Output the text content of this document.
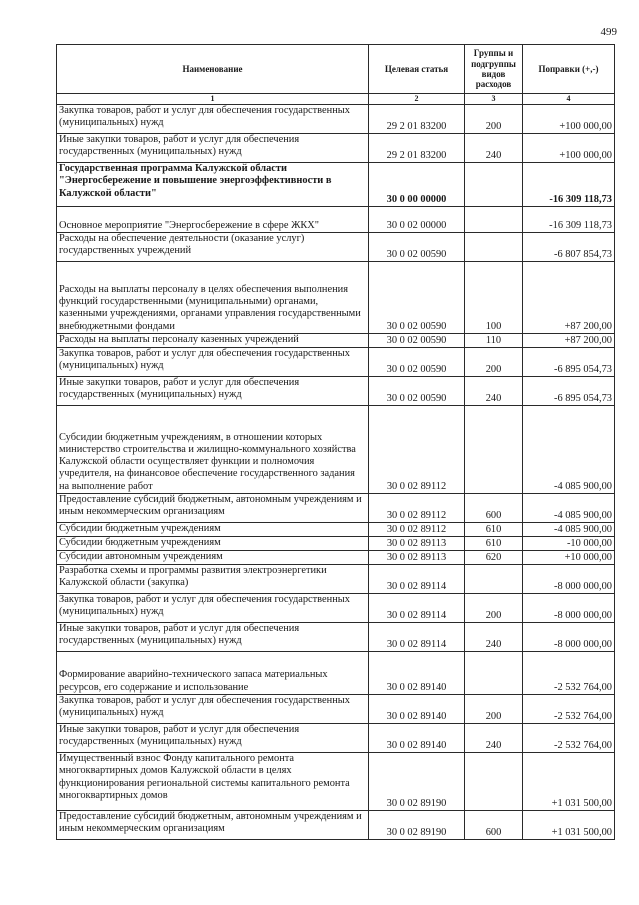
499
Наименование	Целевая статья	Группы и подгруппы видов расходов	Поправки (+,-)
1	2	3	4
Закупка товаров, работ и услуг для обеспечения государственных (муниципальных) нужд	29 2 01 83200	200	+100 000,00
Иные закупки товаров, работ и услуг для обеспечения государственных (муниципальных) нужд	29 2 01 83200	240	+100 000,00
Государственная программа Калужской области "Энергосбережение и повышение энергоэффективности в Калужской области"	30 0 00 00000		-16 309 118,73
Основное мероприятие "Энергосбережение в сфере ЖКХ"	30 0 02 00000		-16 309 118,73
Расходы на обеспечение деятельности (оказание услуг) государственных учреждений	30 0 02 00590		-6 807 854,73
Расходы на выплаты персоналу в целях обеспечения выполнения функций государственными (муниципальными) органами, казенными учреждениями, органами управления государственными внебюджетными фондами	30 0 02 00590	100	+87 200,00
Расходы на выплаты персоналу казенных учреждений	30 0 02 00590	110	+87 200,00
Закупка товаров, работ и услуг для обеспечения государственных (муниципальных) нужд	30 0 02 00590	200	-6 895 054,73
Иные закупки товаров, работ и услуг для обеспечения государственных (муниципальных) нужд	30 0 02 00590	240	-6 895 054,73
Субсидии бюджетным учреждениям, в отношении которых министерство строительства и жилищно-коммунального хозяйства Калужской области осуществляет функции и полномочия учредителя, на финансовое обеспечение государственного задания на выполнение работ	30 0 02 89112		-4 085 900,00
Предоставление субсидий бюджетным, автономным учреждениям и иным некоммерческим организациям	30 0 02 89112	600	-4 085 900,00
Субсидии бюджетным учреждениям	30 0 02 89112	610	-4 085 900,00
Субсидии бюджетным учреждениям	30 0 02 89113	610	-10 000,00
Субсидии автономным учреждениям	30 0 02 89113	620	+10 000,00
Разработка схемы и программы развития электроэнергетики Калужской области (закупка)	30 0 02 89114		-8 000 000,00
Закупка товаров, работ и услуг для обеспечения государственных (муниципальных) нужд	30 0 02 89114	200	-8 000 000,00
Иные закупки товаров, работ и услуг для обеспечения государственных (муниципальных) нужд	30 0 02 89114	240	-8 000 000,00
Формирование аварийно-технического запаса материальных ресурсов, его содержание и использование	30 0 02 89140		-2 532 764,00
Закупка товаров, работ и услуг для обеспечения государственных (муниципальных) нужд	30 0 02 89140	200	-2 532 764,00
Иные закупки товаров, работ и услуг для обеспечения государственных (муниципальных) нужд	30 0 02 89140	240	-2 532 764,00
Имущественный взнос Фонду капитального ремонта многоквартирных домов Калужской области в целях функционирования региональной системы капитального ремонта многоквартирных домов	30 0 02 89190		+1 031 500,00
Предоставление субсидий бюджетным, автономным учреждениям и иным некоммерческим организациям	30 0 02 89190	600	+1 031 500,00
